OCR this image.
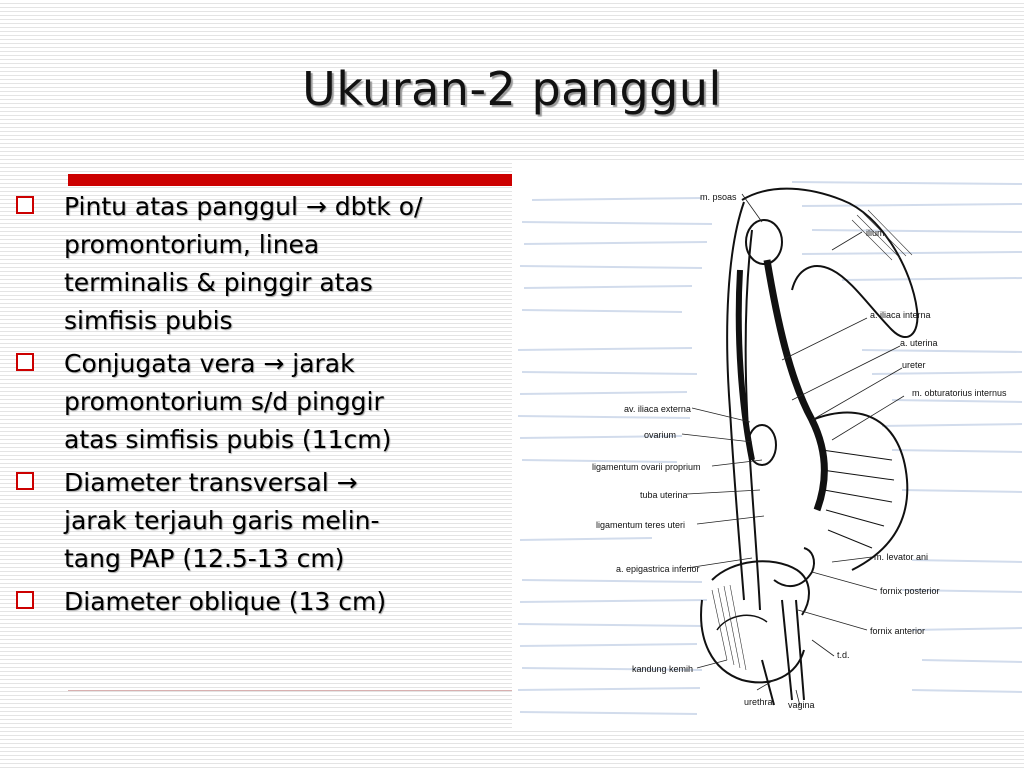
Ukuran-2 panggul
Pintu atas panggul → dbtk o/
promontorium, linea
terminalis & pinggir atas
simfisis pubis
Conjugata vera → jarak
promontorium s/d pinggir
atas simfisis pubis (11cm)
Diameter transversal →
jarak terjauh garis melin-
tang PAP (12.5-13 cm)
Diameter oblique (13 cm)
m. psoas
ilium
a. iliaca interna
a. uterina
ureter
m. obturatorius internus
av. iliaca externa
ovarium
ligamentum ovarii proprium
tuba uterina
ligamentum teres uteri
a. epigastrica inferior
m. levator ani
fornix posterior
fornix anterior
kandung kemih
urethra vagina
t.d.
